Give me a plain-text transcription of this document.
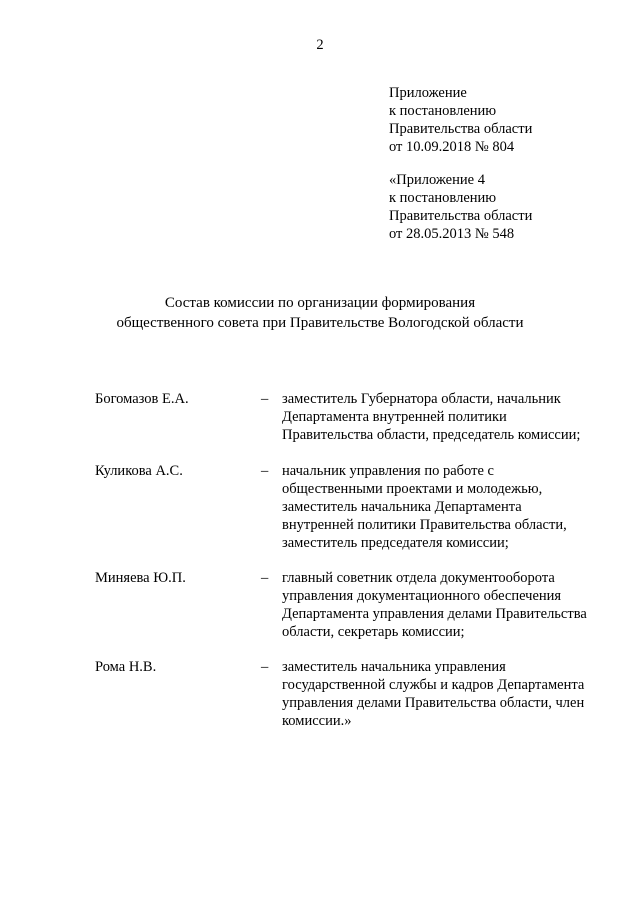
2
Приложение
к постановлению
Правительства области
от 10.09.2018 № 804
«Приложение 4
к постановлению
Правительства области
от 28.05.2013 № 548
Состав комиссии по организации формирования
общественного совета при Правительстве Вологодской области
Богомазов Е.А.	– заместитель Губернатора области, начальник
Департамента внутренней политики
Правительства области, председатель комиссии;
Куликова А.С.	– начальник управления по работе с
общественными проектами и молодежью,
заместитель начальника Департамента
внутренней политики Правительства области,
заместитель председателя комиссии;
Миняева Ю.П.	– главный советник отдела документооборота
управления документационного обеспечения
Департамента управления делами Правительства
области, секретарь комиссии;
Рома Н.В.	– заместитель начальника управления
государственной службы и кадров Департамента
управления делами Правительства области, член
комиссии.»
